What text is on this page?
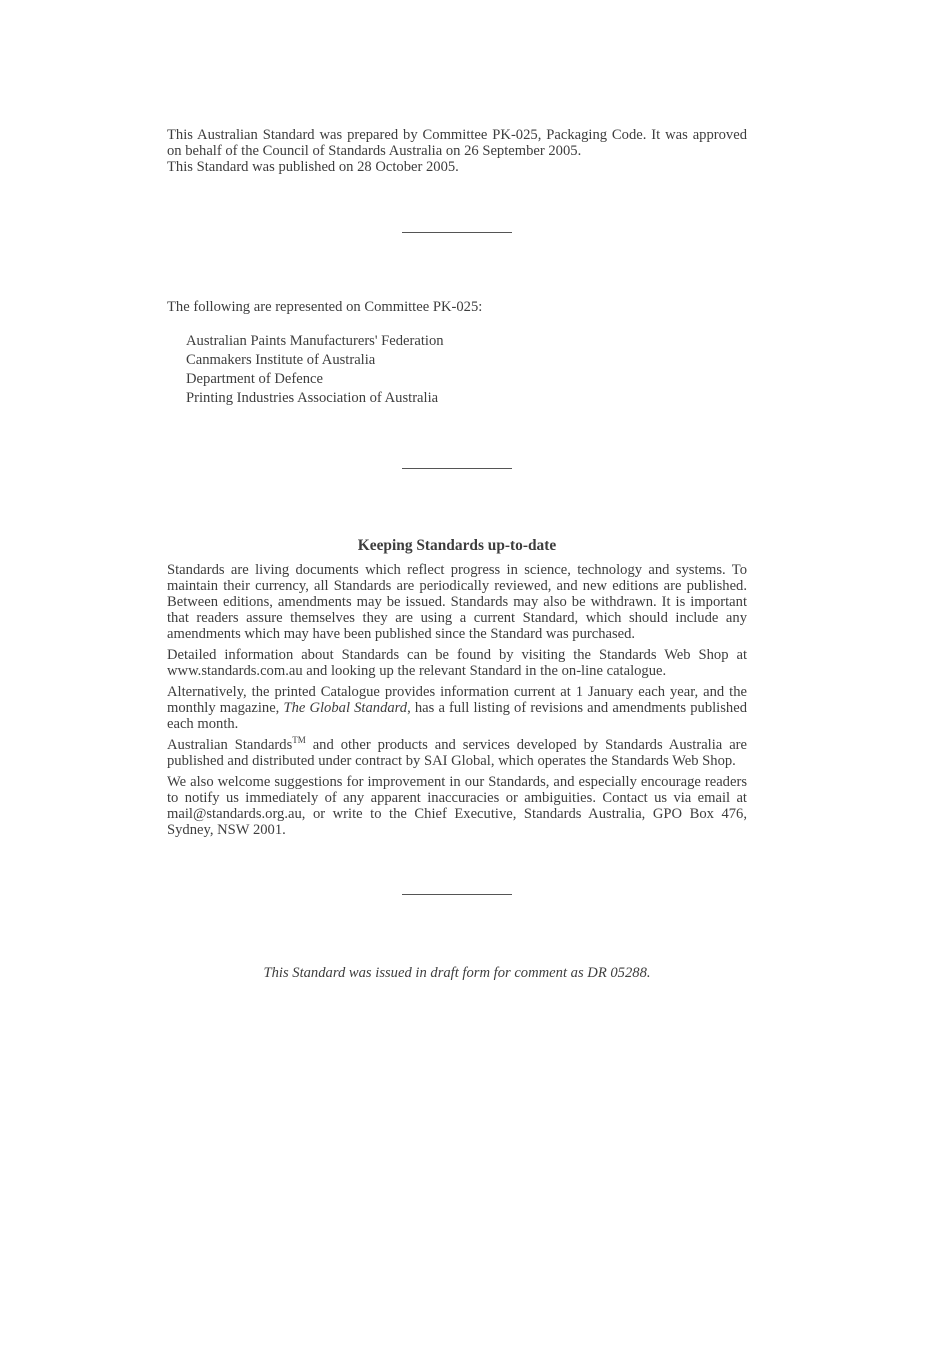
This Australian Standard was prepared by Committee PK-025, Packaging Code. It was approved on behalf of the Council of Standards Australia on 26 September 2005.

This Standard was published on 28 October 2005.

The following are represented on Committee PK-025:

Australian Paints Manufacturers' Federation
Canmakers Institute of Australia
Department of Defence
Printing Industries Association of Australia
Keeping Standards up-to-date

Standards are living documents which reflect progress in science, technology and systems. To maintain their currency, all Standards are periodically reviewed, and new editions are published. Between editions, amendments may be issued. Standards may also be withdrawn. It is important that readers assure themselves they are using a current Standard, which should include any amendments which may have been published since the Standard was purchased.

Detailed information about Standards can be found by visiting the Standards Web Shop at www.standards.com.au and looking up the relevant Standard in the on-line catalogue.

Alternatively, the printed Catalogue provides information current at 1 January each year, and the monthly magazine, The Global Standard, has a full listing of revisions and amendments published each month.

Australian Standards™ and other products and services developed by Standards Australia are published and distributed under contract by SAI Global, which operates the Standards Web Shop.

We also welcome suggestions for improvement in our Standards, and especially encourage readers to notify us immediately of any apparent inaccuracies or ambiguities. Contact us via email at mail@standards.org.au, or write to the Chief Executive, Standards Australia, GPO Box 476, Sydney, NSW 2001.

This Standard was issued in draft form for comment as DR 05288.
